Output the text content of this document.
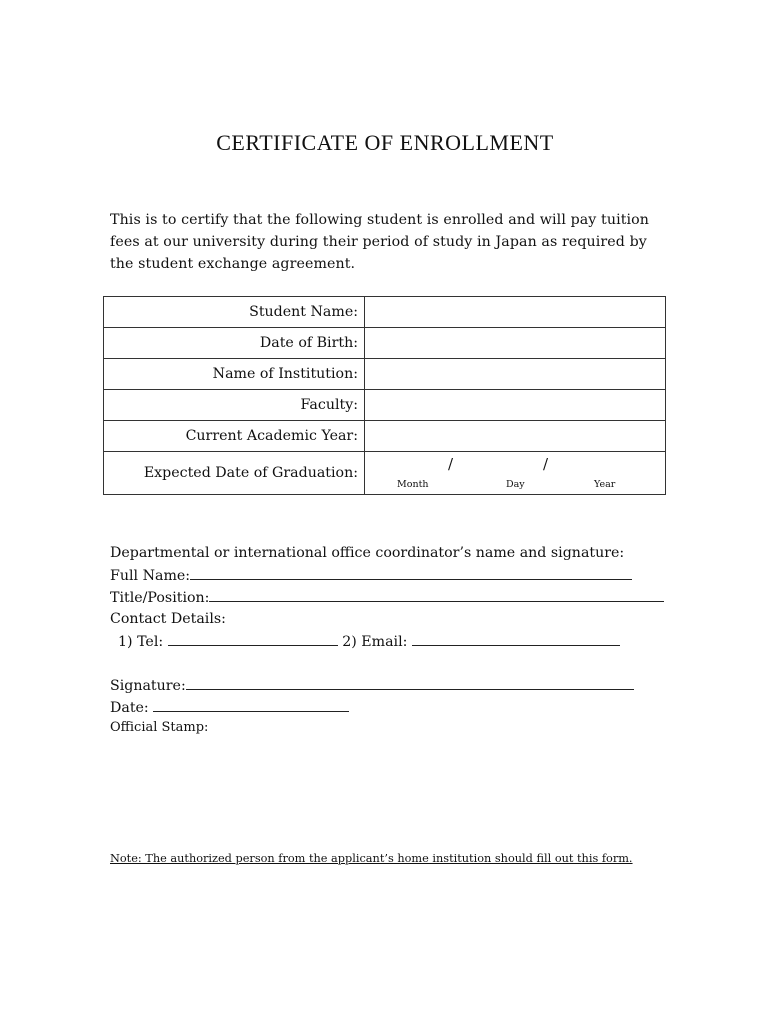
CERTIFICATE OF ENROLLMENT
This is to certify that the following student is enrolled and will pay tuition fees at our university during their period of study in Japan as required by the student exchange agreement.
Student Name:	
Date of Birth:	
Name of Institution:	
Faculty:	
Current Academic Year:	
Expected Date of Graduation:	/ /
Month Day Year
Departmental or international office coordinator’s name and signature:
Full Name:
Title/Position:
Contact Details:
1) Tel:	2) Email:
Signature:
Date:
Official Stamp:
Note: The authorized person from the applicant’s home institution should fill out this form.
